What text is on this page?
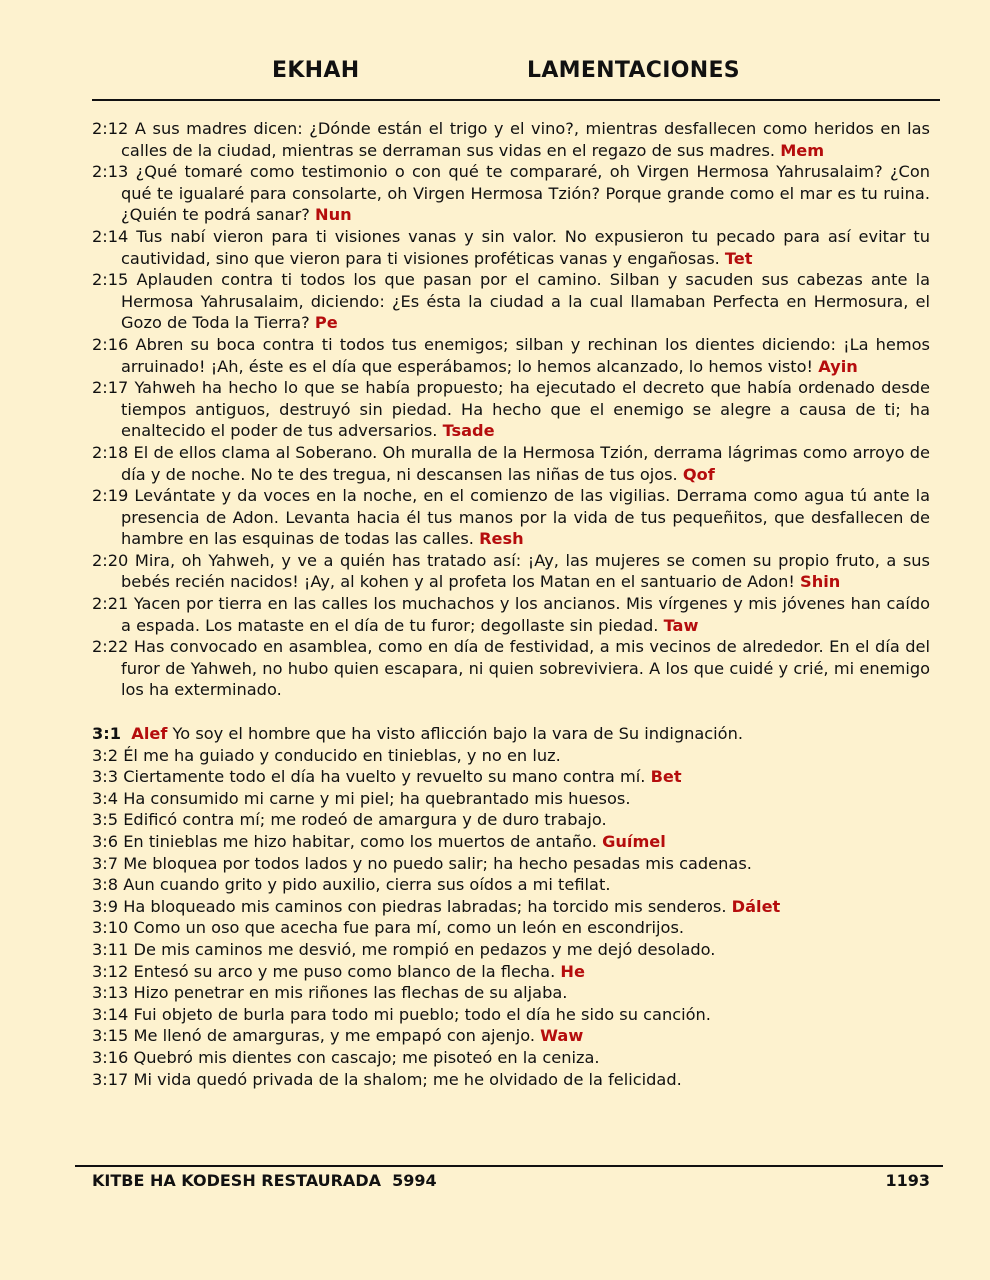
EKHAH	LAMENTACIONES
2:12 A sus madres dicen: ¿Dónde están el trigo y el vino?, mientras desfallecen como heridos en las calles de la ciudad, mientras se derraman sus vidas en el regazo de sus madres. Mem
2:13 ¿Qué tomaré como testimonio o con qué te compararé, oh Virgen Hermosa Yahrusalaim? ¿Con qué te igualaré para consolarte, oh Virgen Hermosa Tzión? Porque grande como el mar es tu ruina. ¿Quién te podrá sanar? Nun
2:14 Tus nabí vieron para ti visiones vanas y sin valor. No expusieron tu pecado para así evitar tu cautividad, sino que vieron para ti visiones proféticas vanas y engañosas. Tet
2:15 Aplauden contra ti todos los que pasan por el camino. Silban y sacuden sus cabezas ante la Hermosa Yahrusalaim, diciendo: ¿Es ésta la ciudad a la cual llamaban Perfecta en Hermosura, el Gozo de Toda la Tierra? Pe
2:16 Abren su boca contra ti todos tus enemigos; silban y rechinan los dientes diciendo: ¡La hemos arruinado! ¡Ah, éste es el día que esperábamos; lo hemos alcanzado, lo hemos visto! Ayin
2:17 Yahweh ha hecho lo que se había propuesto; ha ejecutado el decreto que había ordenado desde tiempos antiguos, destruyó sin piedad. Ha hecho que el enemigo se alegre a causa de ti; ha enaltecido el poder de tus adversarios. Tsade
2:18 El de ellos clama al Soberano. Oh muralla de la Hermosa Tzión, derrama lágrimas como arroyo de día y de noche. No te des tregua, ni descansen las niñas de tus ojos. Qof
2:19 Levántate y da voces en la noche, en el comienzo de las vigilias. Derrama como agua tú ante la presencia de Adon. Levanta hacia él tus manos por la vida de tus pequeñitos, que desfallecen de hambre en las esquinas de todas las calles. Resh
2:20 Mira, oh Yahweh, y ve a quién has tratado así: ¡Ay, las mujeres se comen su propio fruto, a sus bebés recién nacidos! ¡Ay, al kohen y al profeta los Matan en el santuario de Adon! Shin
2:21 Yacen por tierra en las calles los muchachos y los ancianos. Mis vírgenes y mis jóvenes han caído a espada. Los mataste en el día de tu furor; degollaste sin piedad. Taw
2:22 Has convocado en asamblea, como en día de festividad, a mis vecinos de alrededor. En el día del furor de Yahweh, no hubo quien escapara, ni quien sobreviviera. A los que cuidé y crié, mi enemigo los ha exterminado.
3:1 Alef Yo soy el hombre que ha visto aflicción bajo la vara de Su indignación.
3:2 Él me ha guiado y conducido en tinieblas, y no en luz.
3:3 Ciertamente todo el día ha vuelto y revuelto su mano contra mí. Bet
3:4 Ha consumido mi carne y mi piel; ha quebrantado mis huesos.
3:5 Edificó contra mí; me rodeó de amargura y de duro trabajo.
3:6 En tinieblas me hizo habitar, como los muertos de antaño. Guímel
3:7 Me bloquea por todos lados y no puedo salir; ha hecho pesadas mis cadenas.
3:8 Aun cuando grito y pido auxilio, cierra sus oídos a mi tefilat.
3:9 Ha bloqueado mis caminos con piedras labradas; ha torcido mis senderos. Dálet
3:10 Como un oso que acecha fue para mí, como un león en escondrijos.
3:11 De mis caminos me desvió, me rompió en pedazos y me dejó desolado.
3:12 Entesó su arco y me puso como blanco de la flecha. He
3:13 Hizo penetrar en mis riñones las flechas de su aljaba.
3:14 Fui objeto de burla para todo mi pueblo; todo el día he sido su canción.
3:15 Me llenó de amarguras, y me empapó con ajenjo. Waw
3:16 Quebró mis dientes con cascajo; me pisoteó en la ceniza.
3:17 Mi vida quedó privada de la shalom; me he olvidado de la felicidad.
KITBE HA KODESH RESTAURADA  5994	1193
